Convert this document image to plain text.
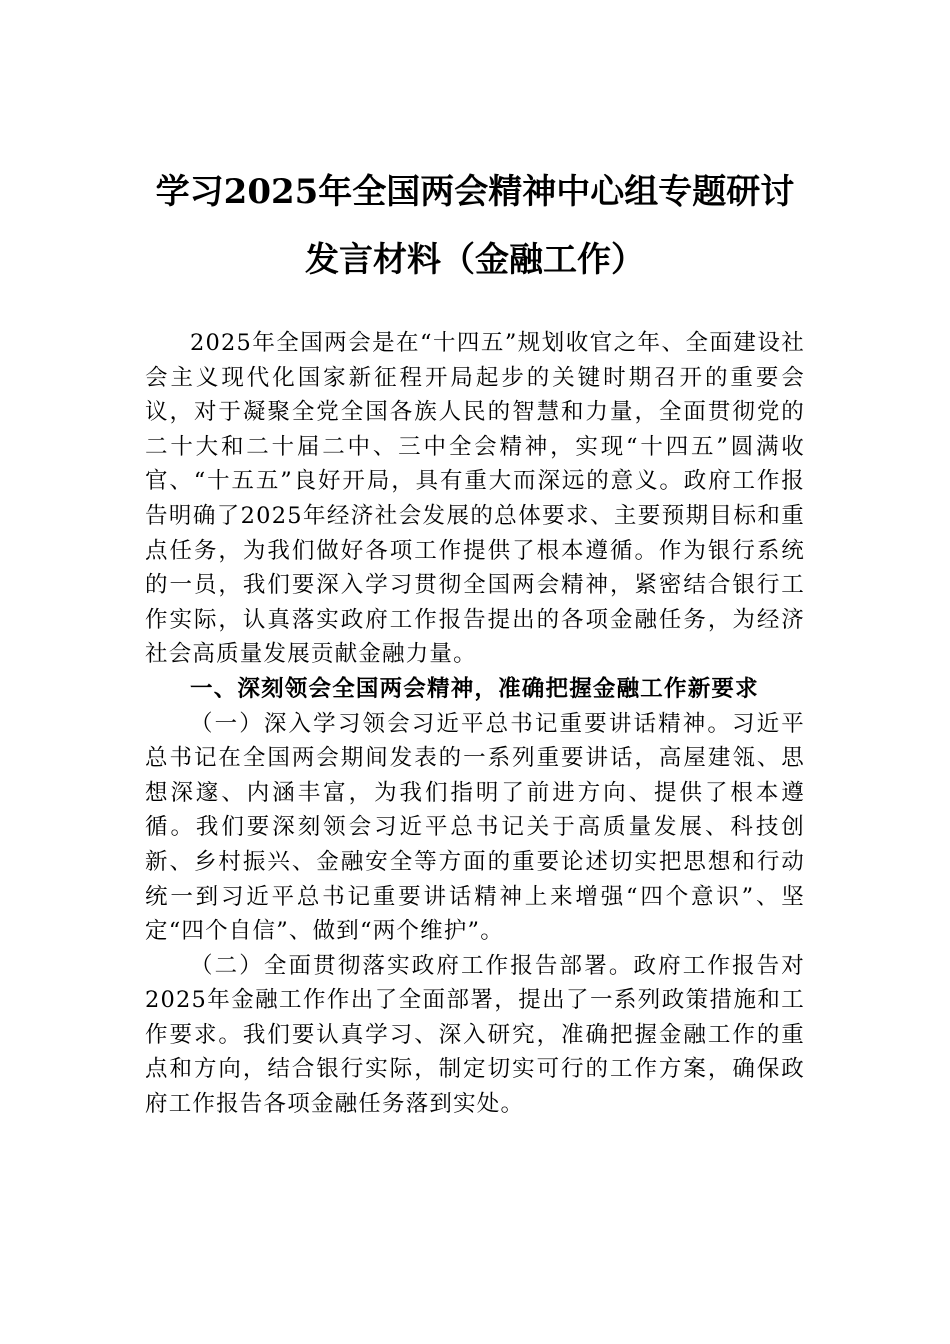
学习2025年全国两会精神中心组专题研讨
发言材料（金融工作）

2025年全国两会是在“十四五”规划收官之年、全面建设社会主义现代化国家新征程开局起步的关键时期召开的重要会议，对于凝聚全党全国各族人民的智慧和力量，全面贯彻党的二十大和二十届二中、三中全会精神，实现“十四五”圆满收官、“十五五”良好开局，具有重大而深远的意义。政府工作报告明确了2025年经济社会发展的总体要求、主要预期目标和重点任务，为我们做好各项工作提供了根本遵循。作为银行系统的一员，我们要深入学习贯彻全国两会精神，紧密结合银行工作实际，认真落实政府工作报告提出的各项金融任务，为经济社会高质量发展贡献金融力量。

一、深刻领会全国两会精神，准确把握金融工作新要求

（一）深入学习领会习近平总书记重要讲话精神。习近平总书记在全国两会期间发表的一系列重要讲话，高屋建瓴、思想深邃、内涵丰富，为我们指明了前进方向、提供了根本遵循。我们要深刻领会习近平总书记关于高质量发展、科技创新、乡村振兴、金融安全等方面的重要论述切实把思想和行动统一到习近平总书记重要讲话精神上来增强“四个意识”、坚定“四个自信”、做到“两个维护”。

（二）全面贯彻落实政府工作报告部署。政府工作报告对2025年金融工作作出了全面部署，提出了一系列政策措施和工作要求。我们要认真学习、深入研究，准确把握金融工作的重点和方向，结合银行实际，制定切实可行的工作方案，确保政府工作报告各项金融任务落到实处。
